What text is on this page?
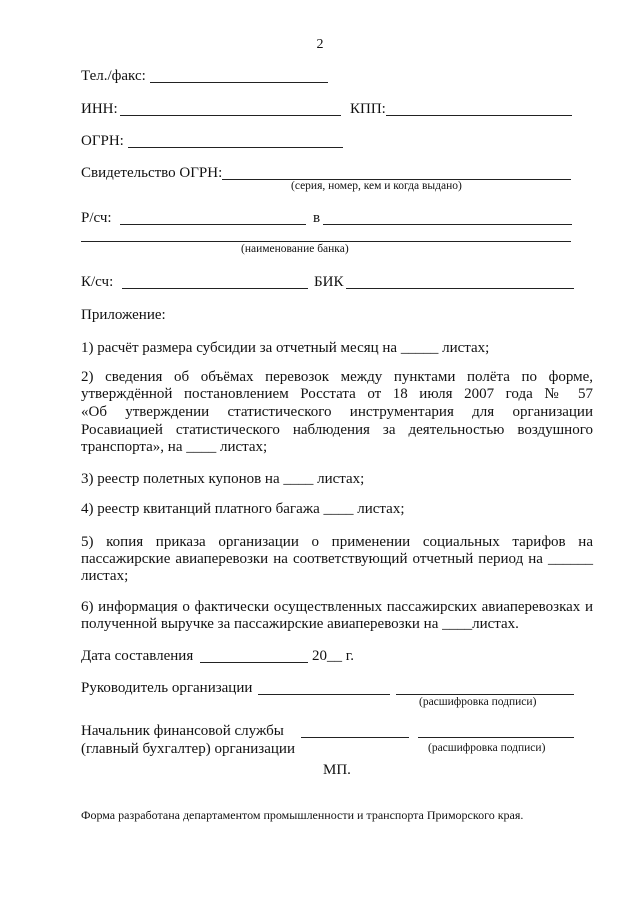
2
Тел./факс:
ИНН:	КПП:
ОГРН:
Свидетельство ОГРН:
(серия, номер, кем и когда выдано)
Р/сч:	в
(наименование банка)
К/сч:	БИК
Приложение:
1) расчёт размера субсидии за отчетный месяц на _____ листах;
2) сведения об объёмах перевозок между пунктами полёта по форме,
утверждённой постановлением Росстата от 18 июля 2007 года № 57
«Об утверждении статистического инструментария для организации
Росавиацией статистического наблюдения за деятельностью воздушного
транспорта», на ____ листах;
3) реестр полетных купонов на ____ листах;
4) реестр квитанций платного багажа ____ листах;
5) копия приказа организации о применении социальных тарифов на
пассажирские авиаперевозки на соответствующий отчетный период на ______
листах;
6) информация о фактически осуществленных пассажирских авиаперевозках и
полученной выручке за пассажирские авиаперевозки на ____листах.
Дата составления	20__ г.
Руководитель организации
(расшифровка подписи)
Начальник финансовой службы
(главный бухгалтер) организации	(расшифровка подписи)
МП.
Форма разработана департаментом промышленности и транспорта Приморского края.
